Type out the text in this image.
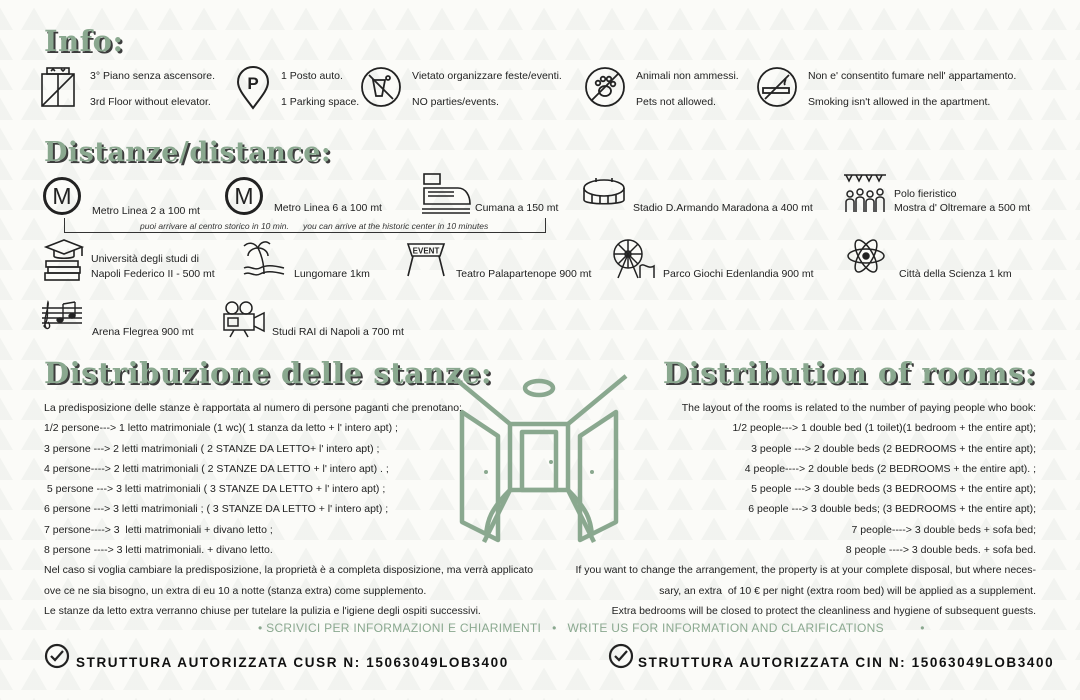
Info:
3° Piano senza ascensore.
3rd Floor without elevator.
P 1 Posto auto.
1 Parking space.
Vietato organizzare feste/eventi.
NO parties/events.
Animali non ammessi.
Pets not allowed.
Non e' consentito fumare nell' appartamento.
Smoking isn't allowed in the apartment.
Distanze/distance:
M
Metro Linea 2 a 100 mt
M Metro Linea 6 a 100 mt
puoi arrivare al centro storico in 10 min.      you can arrive at the historic center in 10 minutes
Cumana a 150 mt	Stadio D.Armando Maradona a 400 mt
Polo fieristico
Mostra d' Oltremare a 500 mt
Università degli studi di
Napoli Federico II - 500 mt	Lungomare 1km
EVENT
Teatro Palapartenope 900 mt	Parco Giochi Edenlandia 900 mt	Città della Scienza 1 km
Arena Flegrea 900 mt	Studi RAI di Napoli a 700 mt
Distribuzione delle stanze:	Distribution of rooms:
La predisposizione delle stanze è rapportata al numero di persone paganti che prenotano:
1/2 persone---> 1 letto matrimoniale (1 wc)( 1 stanza da letto + l' intero apt) ;
3 persone ---> 2 letti matrimoniali ( 2 STANZE DA LETTO+ l' intero apt) ;
4 persone----> 2 letti matrimoniali ( 2 STANZE DA LETTO + l' intero apt) . ;
5 persone ---> 3 letti matrimoniali ( 3 STANZE DA LETTO + l' intero apt) ;
6 persone ---> 3 letti matrimoniali ; ( 3 STANZE DA LETTO + l' intero apt) ;
7 persone----> 3  letti matrimoniali + divano letto ;
8 persone ----> 3 letti matrimoniali. + divano letto.
Nel caso si voglia cambiare la predisposizione, la proprietà è a completa disposizione, ma verrà applicato
ove ce ne sia bisogno, un extra di eu 10 a notte (stanza extra) come supplemento.
Le stanze da letto extra verranno chiuse per tutelare la pulizia e l'igiene degli ospiti successivi.
The layout of the rooms is related to the number of paying people who book:
1/2 people---> 1 double bed (1 toilet)(1 bedroom + the entire apt);
3 people ---> 2 double beds (2 BEDROOMS + the entire apt);
4 people----> 2 double beds (2 BEDROOMS + the entire apt). ;
5 people ---> 3 double beds (3 BEDROOMS + the entire apt);
6 people ---> 3 double beds; (3 BEDROOMS + the entire apt);
7 people----> 3 double beds + sofa bed;
8 people ----> 3 double beds. + sofa bed.
If you want to change the arrangement, the property is at your complete disposal, but where neces-
sary, an extra  of 10 € per night (extra room bed) will be applied as a supplement.
Extra bedrooms will be closed to protect the cleanliness and hygiene of subsequent guests.
• SCRIVICI PER INFORMAZIONI E CHIARIMENTI   •   WRITE US FOR INFORMATION AND CLARIFICATIONS          •
STRUTTURA AUTORIZZATA CUSR N: 15063049LOB3400	STRUTTURA AUTORIZZATA CIN N: 15063049LOB3400
